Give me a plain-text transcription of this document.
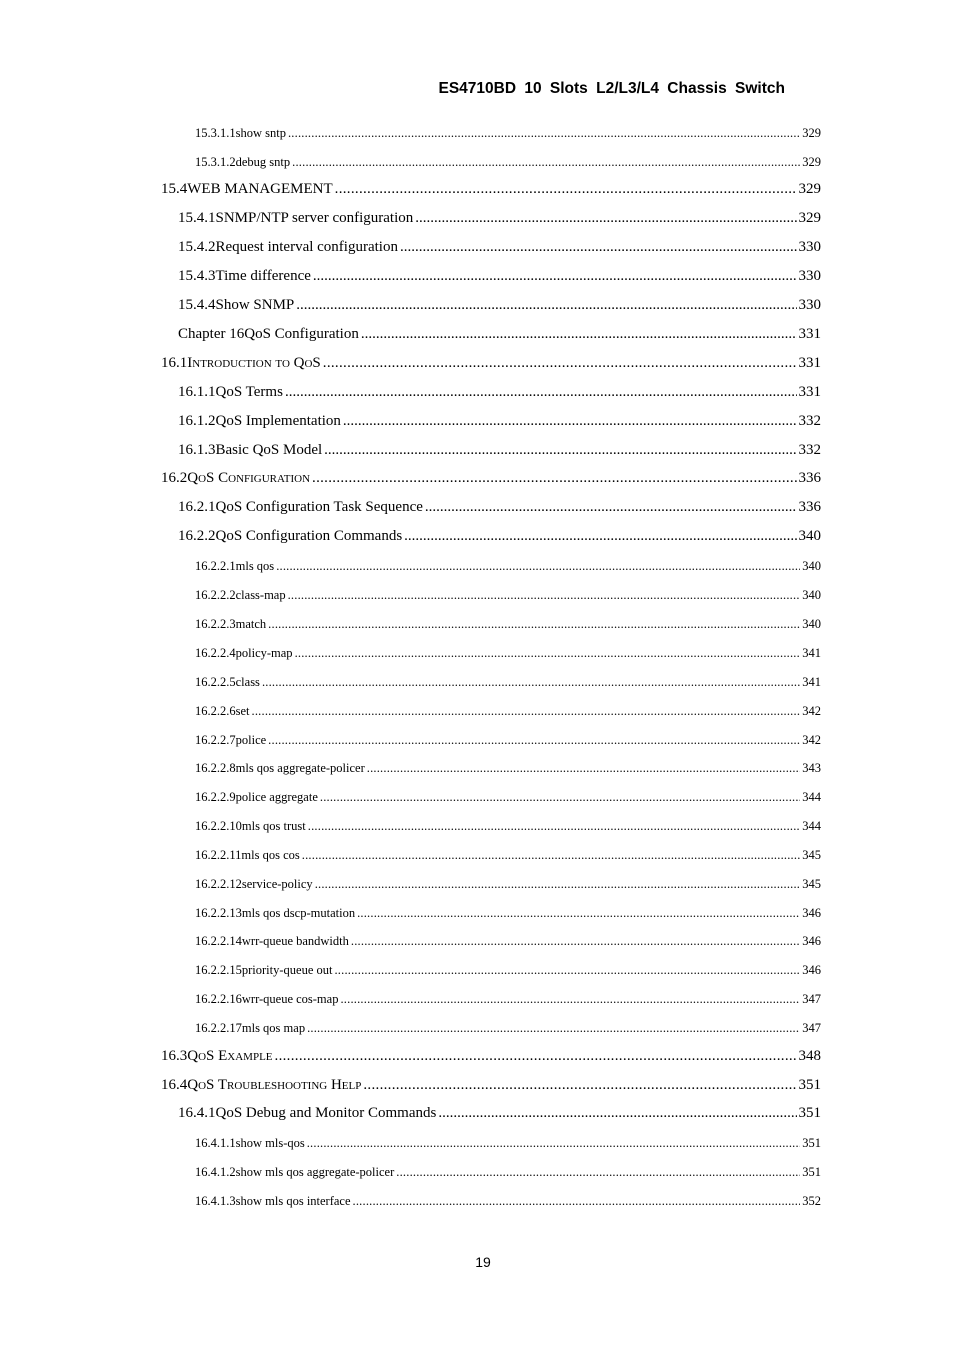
ES4710BD 10 Slots L2/L3/L4 Chassis Switch
15.3.1.1 show sntp .....	329
15.3.1.2 debug sntp .....	329
15.4 WEB MANAGEMENT .....	329
15.4.1 SNMP/NTP server configuration .....	329
15.4.2 Request interval configuration .....	330
15.4.3 Time difference .....	330
15.4.4 Show SNMP .....	330
Chapter 16 QoS Configuration .....	331
16.1 Introduction to QoS .....	331
16.1.1 QoS Terms .....	331
16.1.2 QoS Implementation .....	332
16.1.3 Basic QoS Model .....	332
16.2 QoS Configuration .....	336
16.2.1 QoS Configuration Task Sequence .....	336
16.2.2 QoS Configuration Commands .....	340
16.2.2.1 mls qos .....	340
16.2.2.2 class-map .....	340
16.2.2.3 match .....	340
16.2.2.4 policy-map .....	341
16.2.2.5 class .....	341
16.2.2.6 set .....	342
16.2.2.7 police .....	342
16.2.2.8 mls qos aggregate-policer .....	343
16.2.2.9 police aggregate .....	344
16.2.2.10 mls qos trust .....	344
16.2.2.11 mls qos cos .....	345
16.2.2.12 service-policy .....	345
16.2.2.13 mls qos dscp-mutation .....	346
16.2.2.14 wrr-queue bandwidth .....	346
16.2.2.15 priority-queue out .....	346
16.2.2.16 wrr-queue cos-map .....	347
16.2.2.17 mls qos map .....	347
16.3 QoS Example .....	348
16.4 QoS Troubleshooting Help .....	351
16.4.1 QoS Debug and Monitor Commands .....	351
16.4.1.1 show mls-qos .....	351
16.4.1.2 show mls qos aggregate-policer .....	351
16.4.1.3 show mls qos interface .....	352
19
